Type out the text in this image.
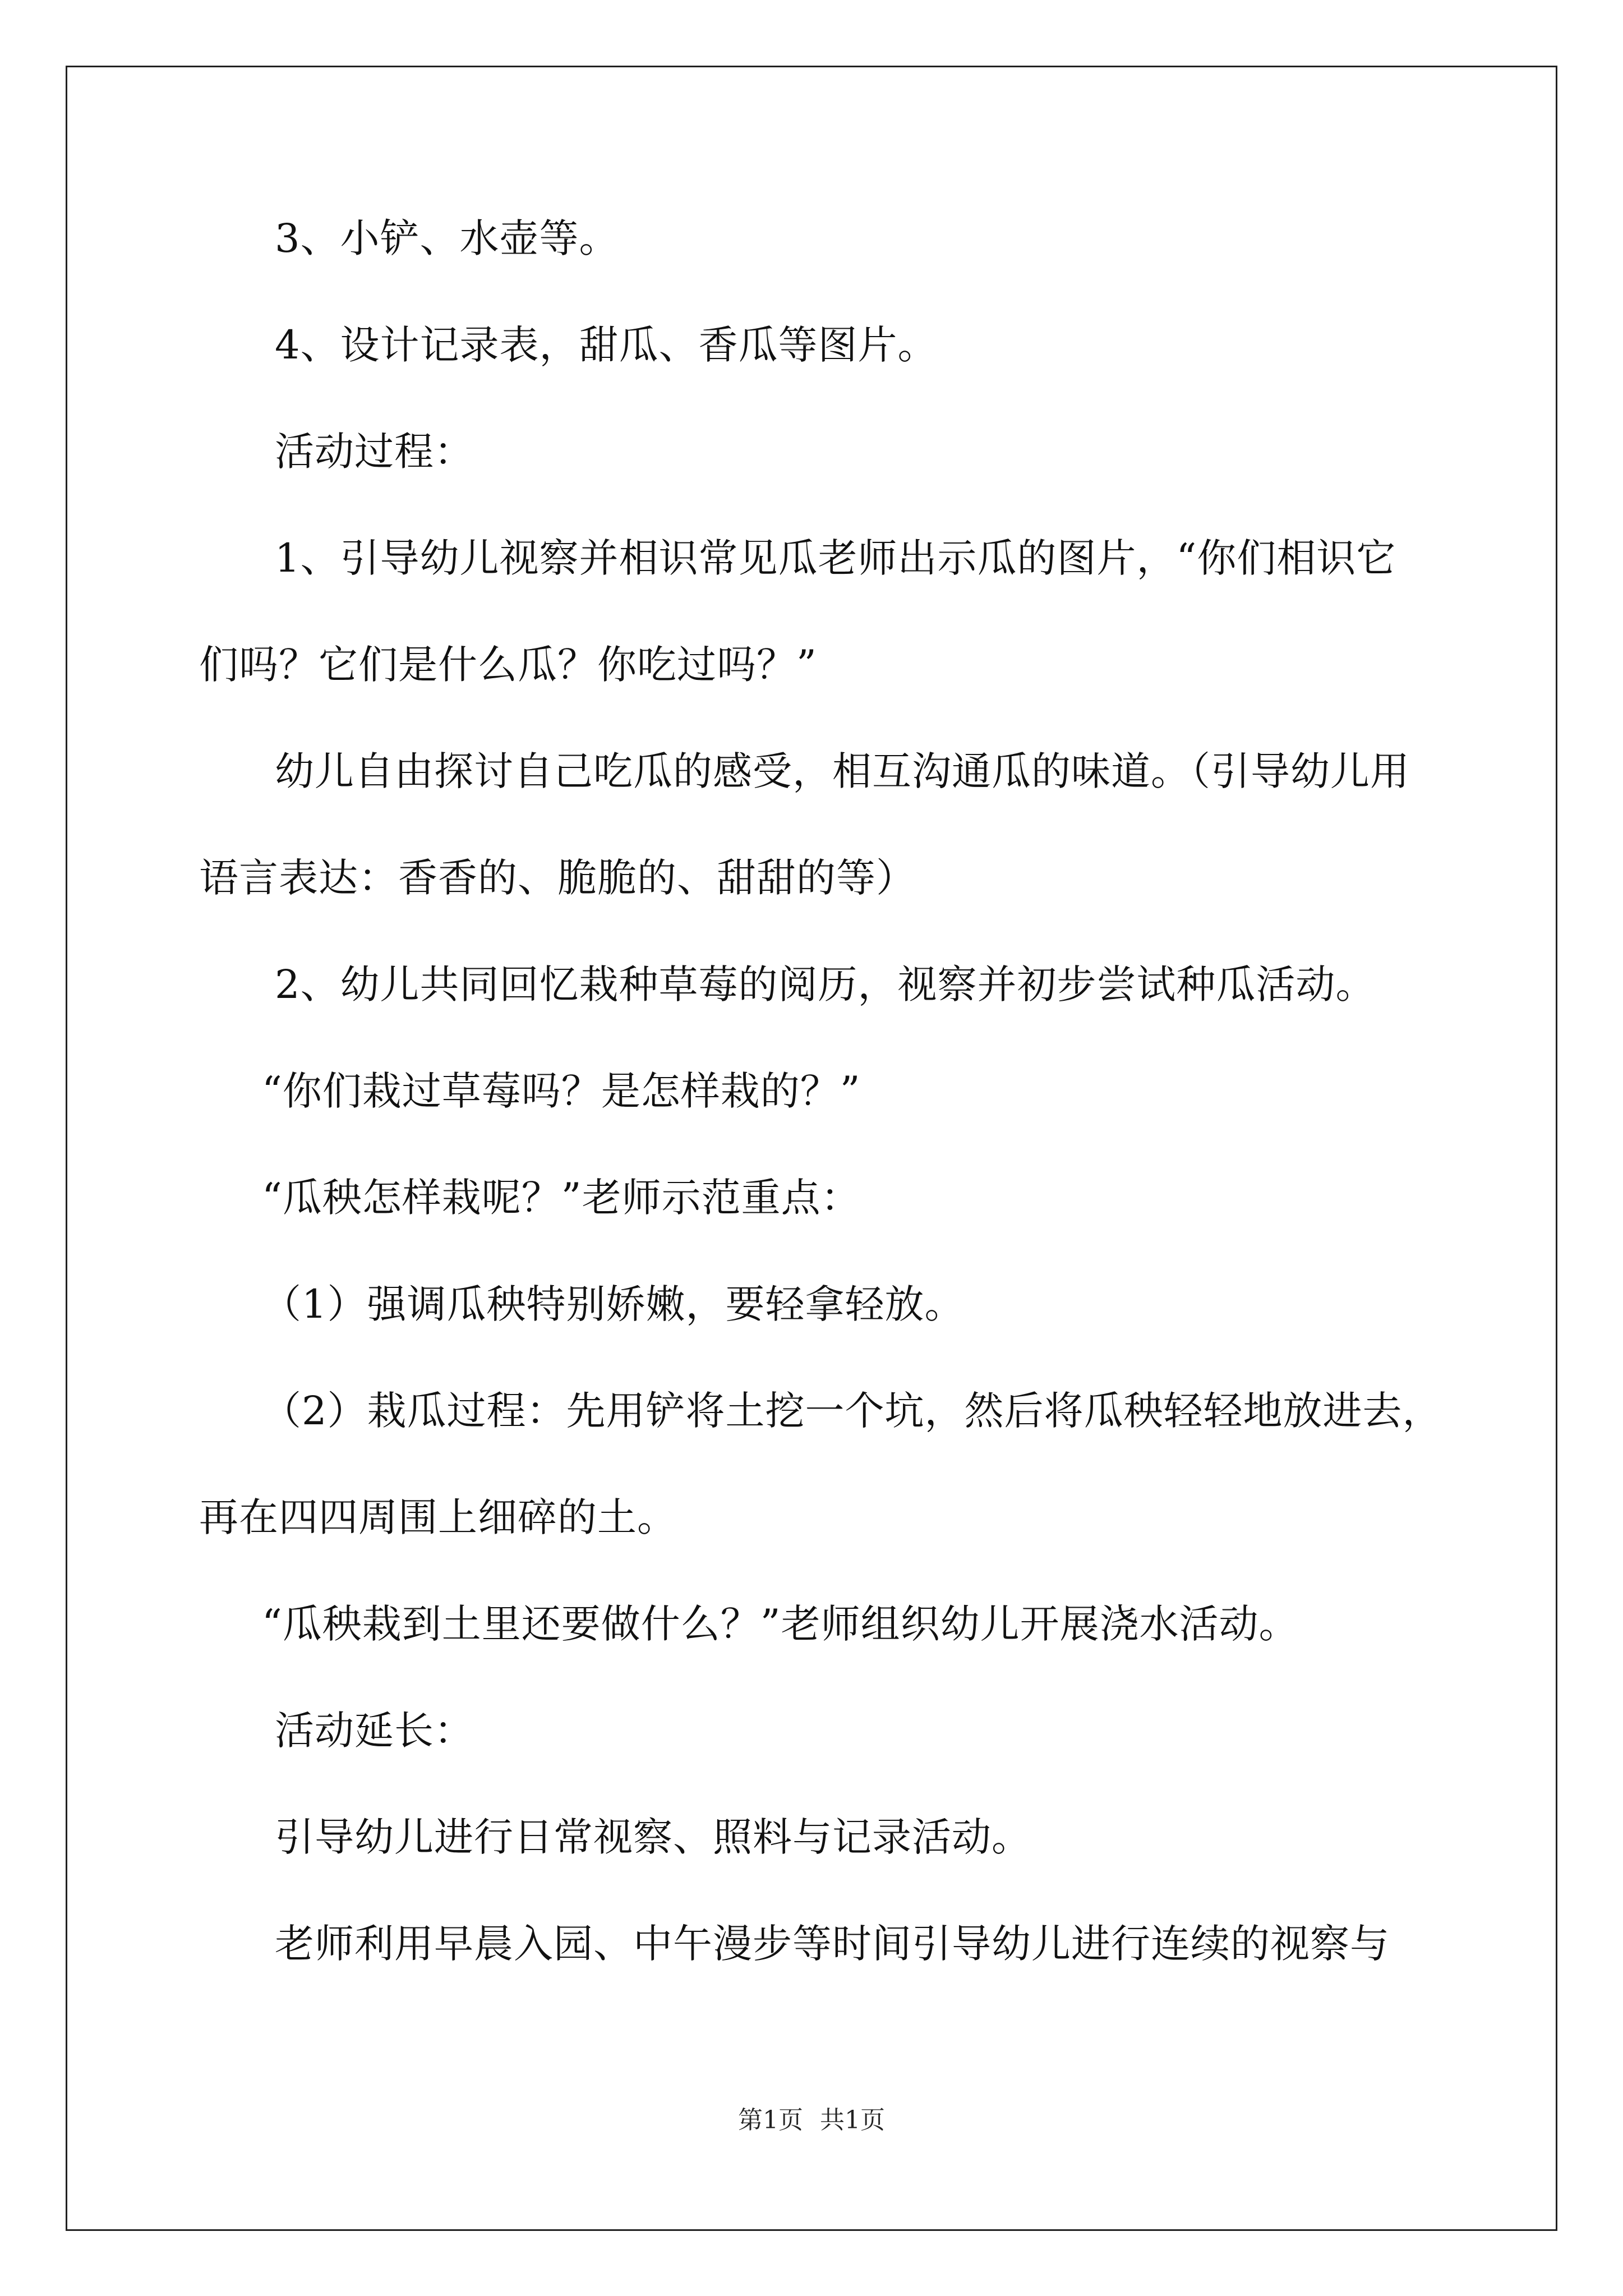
3、小铲、水壶等。
4、设计记录表，甜瓜、香瓜等图片。
活动过程：
1、引导幼儿视察并相识常见瓜老师出示瓜的图片，“你们相识它
们吗？它们是什么瓜？你吃过吗？”
幼儿自由探讨自己吃瓜的感受，相互沟通瓜的味道。（引导幼儿用
语言表达：香香的、脆脆的、甜甜的等）
2、幼儿共同回忆栽种草莓的阅历，视察并初步尝试种瓜活动。
“你们栽过草莓吗？是怎样栽的？”
“瓜秧怎样栽呢？”老师示范重点：
（1）强调瓜秧特别娇嫩，要轻拿轻放。
（2）栽瓜过程：先用铲将土挖一个坑，然后将瓜秧轻轻地放进去，
再在四四周围上细碎的土。
“瓜秧栽到土里还要做什么？”老师组织幼儿开展浇水活动。
活动延长：
引导幼儿进行日常视察、照料与记录活动。
老师利用早晨入园、中午漫步等时间引导幼儿进行连续的视察与
第1页 共1页
